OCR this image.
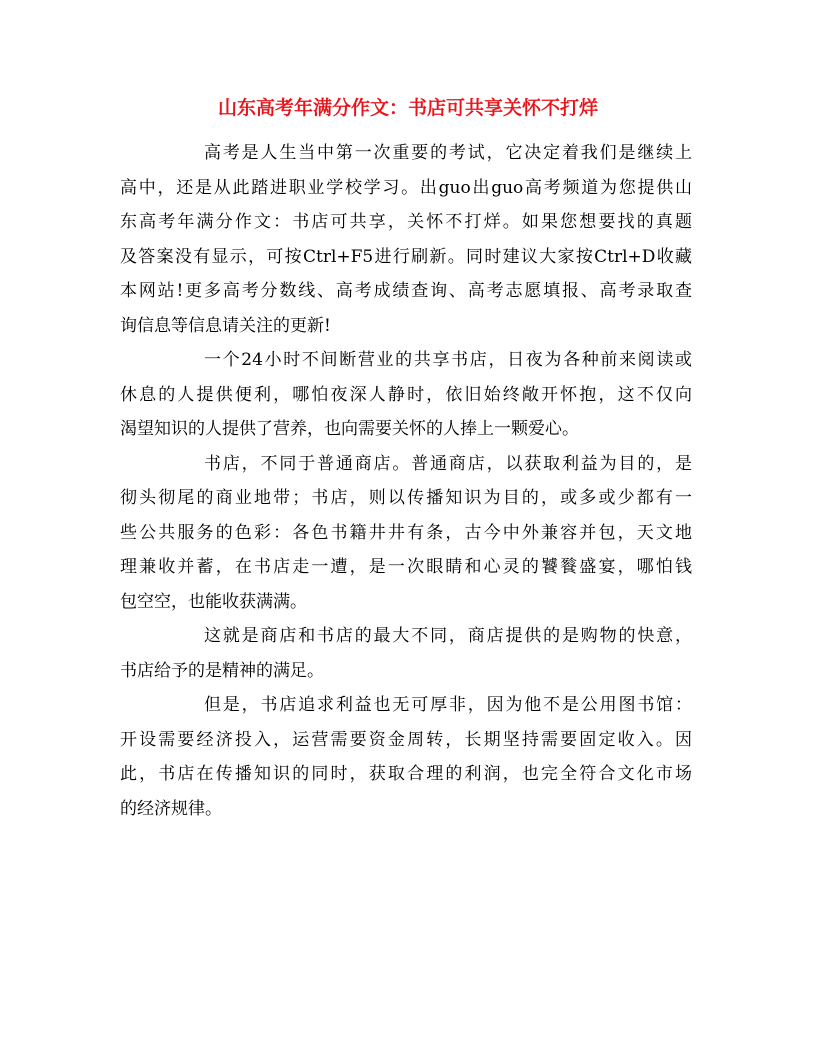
山东高考年满分作文：书店可共享关怀不打烊

高考是人生当中第一次重要的考试，它决定着我们是继续上
高中，还是从此踏进职业学校学习。出guo出guo高考频道为您提供山
东高考年满分作文：书店可共享，关怀不打烊。如果您想要找的真题
及答案没有显示，可按Ctrl+F5进行刷新。同时建议大家按Ctrl+D收藏
本网站!更多高考分数线、高考成绩查询、高考志愿填报、高考录取查
询信息等信息请关注的更新!

一个24小时不间断营业的共享书店，日夜为各种前来阅读或
休息的人提供便利，哪怕夜深人静时，依旧始终敞开怀抱，这不仅向
渴望知识的人提供了营养，也向需要关怀的人捧上一颗爱心。

书店，不同于普通商店。普通商店，以获取利益为目的，是
彻头彻尾的商业地带；书店，则以传播知识为目的，或多或少都有一
些公共服务的色彩：各色书籍井井有条，古今中外兼容并包，天文地
理兼收并蓄，在书店走一遭，是一次眼睛和心灵的饕餮盛宴，哪怕钱
包空空，也能收获满满。

这就是商店和书店的最大不同，商店提供的是购物的快意，
书店给予的是精神的满足。

但是，书店追求利益也无可厚非，因为他不是公用图书馆：
开设需要经济投入，运营需要资金周转，长期坚持需要固定收入。因
此，书店在传播知识的同时，获取合理的利润，也完全符合文化市场
的经济规律。
